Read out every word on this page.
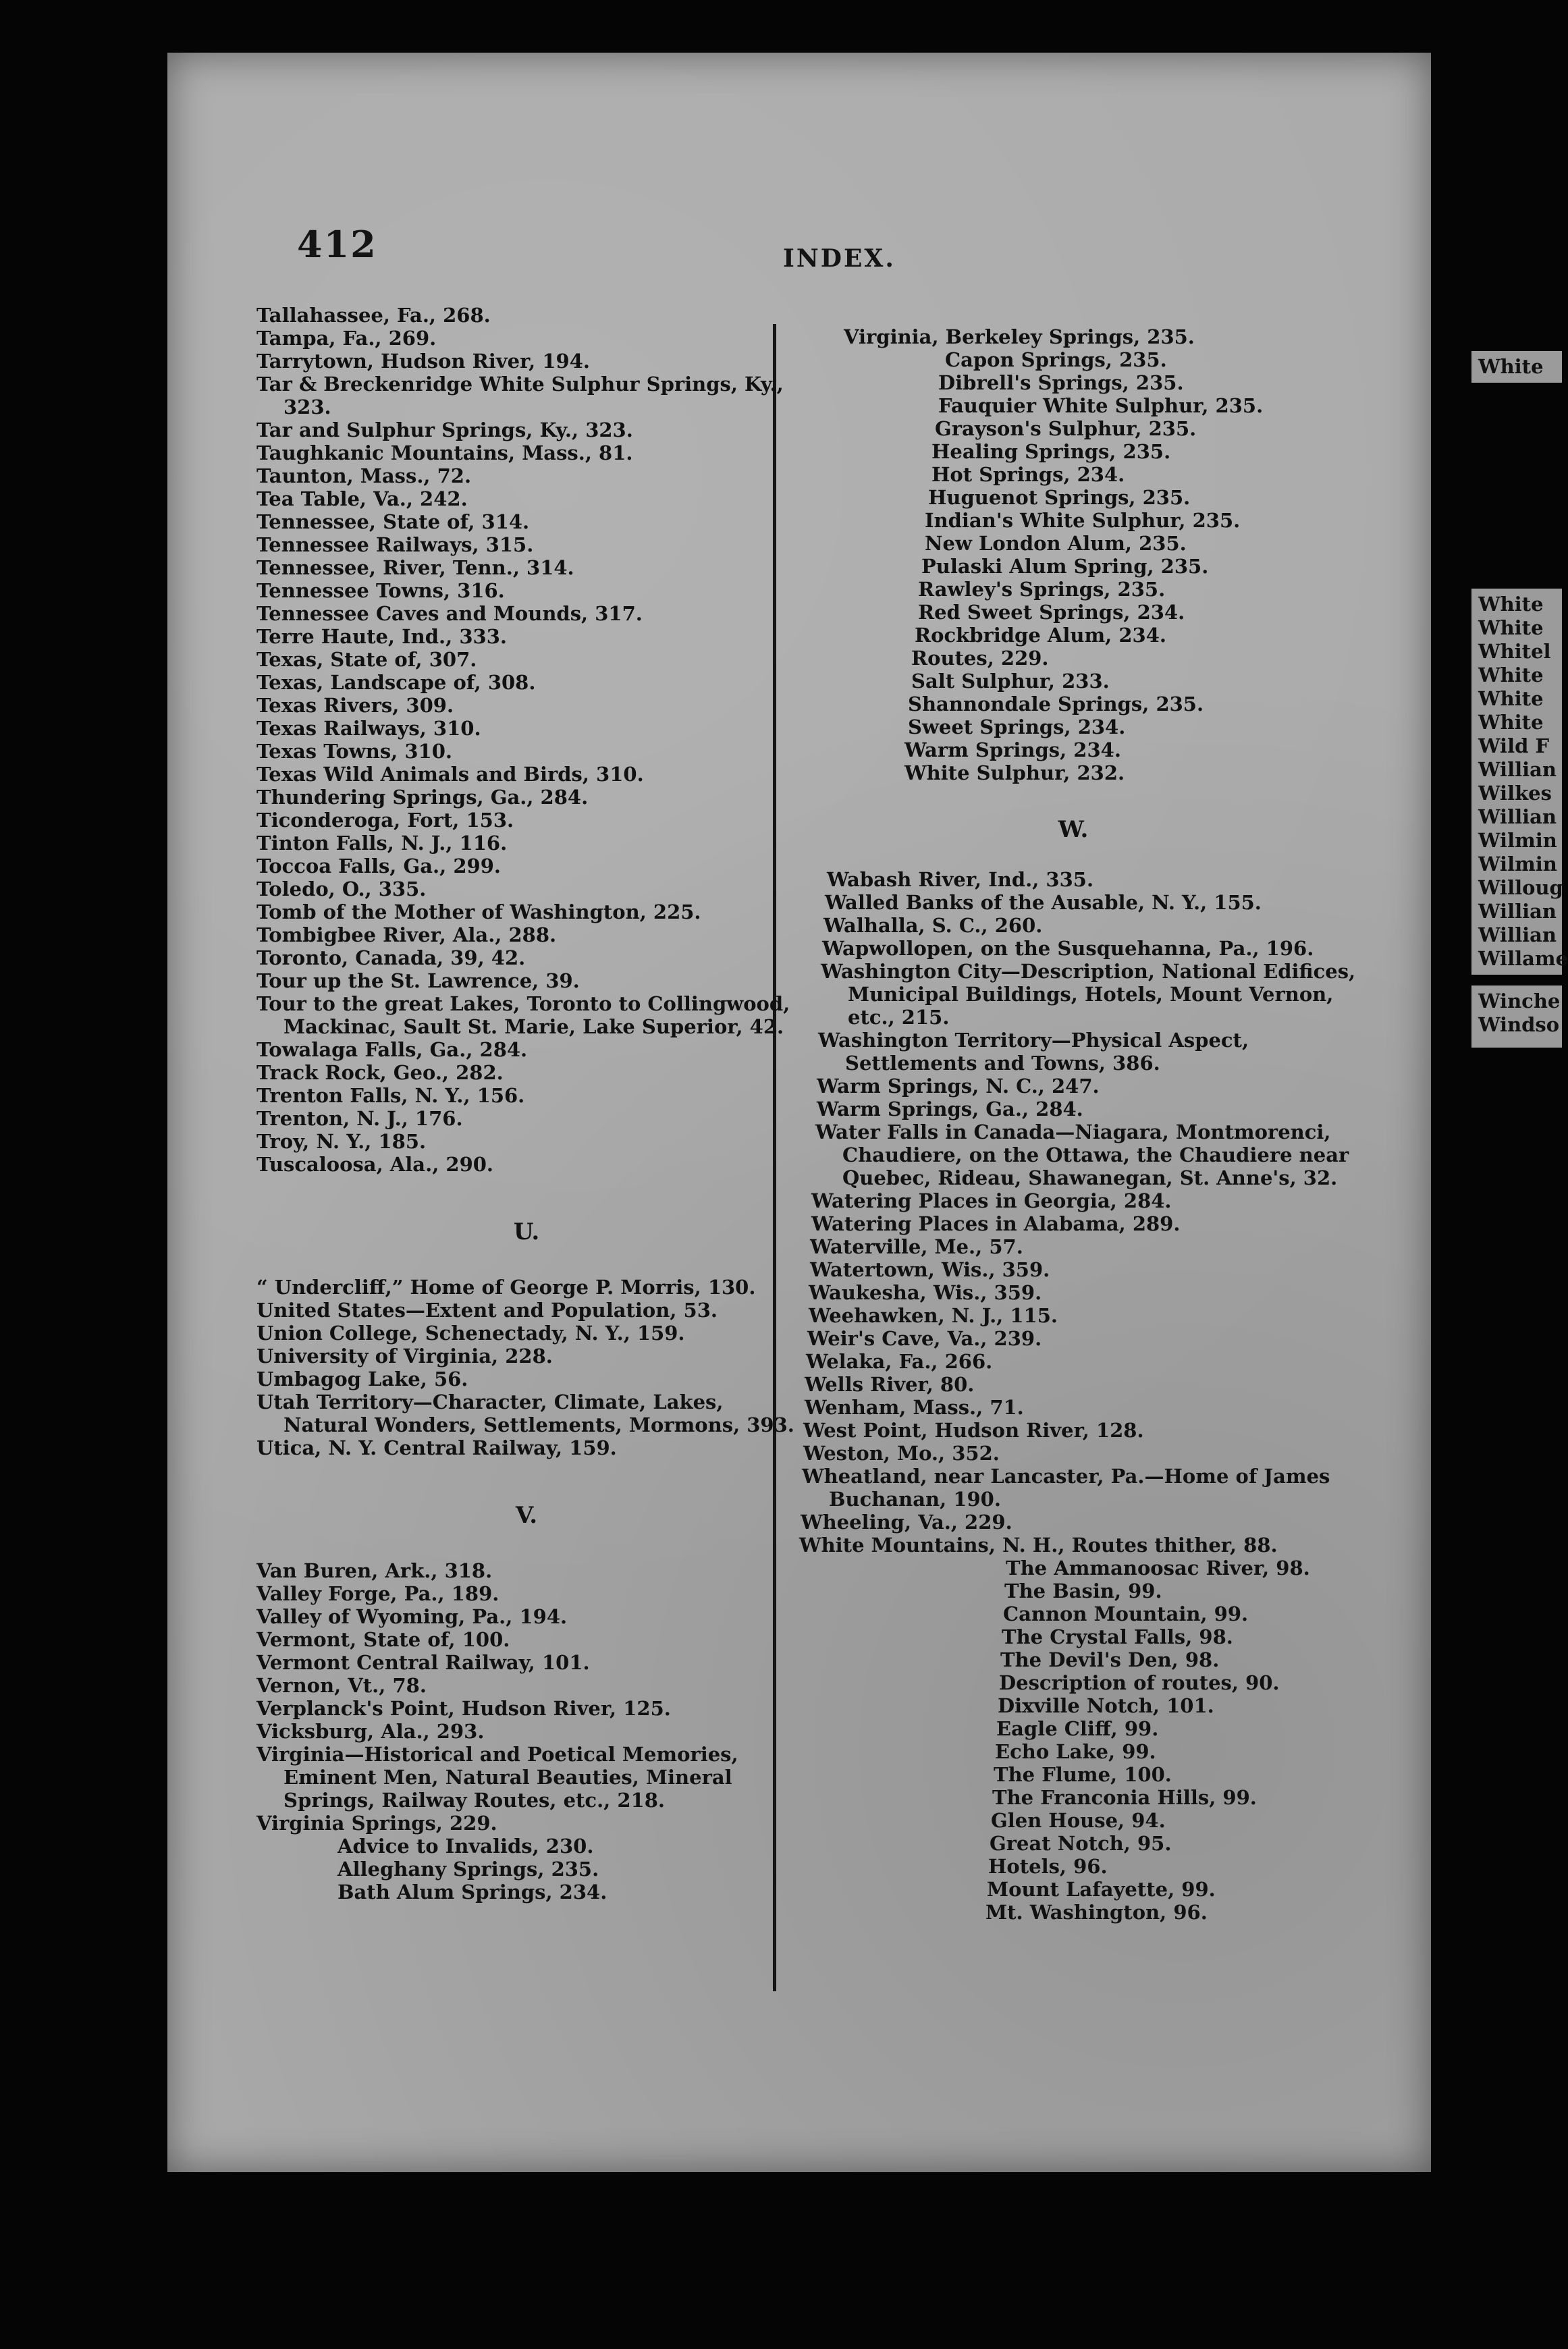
412	INDEX.
Tallahassee, Fa., 268.
Tampa, Fa., 269.
Tarrytown, Hudson River, 194.
Tar & Breckenridge White Sulphur Springs, Ky., 323.
Tar and Sulphur Springs, Ky., 323.
Taughkanic Mountains, Mass., 81.
Taunton, Mass., 72.
Tea Table, Va., 242.
Tennessee, State of, 314.
Tennessee Railways, 315.
Tennessee, River, Tenn., 314.
Tennessee Towns, 316.
Tennessee Caves and Mounds, 317.
Terre Haute, Ind., 333.
Texas, State of, 307.
Texas, Landscape of, 308.
Texas Rivers, 309.
Texas Railways, 310.
Texas Towns, 310.
Texas Wild Animals and Birds, 310.
Thundering Springs, Ga., 284.
Ticonderoga, Fort, 153.
Tinton Falls, N. J., 116.
Toccoa Falls, Ga., 299.
Toledo, O., 335.
Tomb of the Mother of Washington, 225.
Tombigbee River, Ala., 288.
Toronto, Canada, 39, 42.
Tour up the St. Lawrence, 39.
Tour to the great Lakes, Toronto to Collingwood, Mackinac, Sault St. Marie, Lake Superior, 42.
Towalaga Falls, Ga., 284.
Track Rock, Geo., 282.
Trenton Falls, N. Y., 156.
Trenton, N. J., 176.
Troy, N. Y., 185.
Tuscaloosa, Ala., 290.
U.
“ Undercliff,” Home of George P. Morris, 130.
United States—Extent and Population, 53.
Union College, Schenectady, N. Y., 159.
University of Virginia, 228.
Umbagog Lake, 56.
Utah Territory—Character, Climate, Lakes, Natural Wonders, Settlements, Mormons, 393.
Utica, N. Y. Central Railway, 159.
V.
Van Buren, Ark., 318.
Valley Forge, Pa., 189.
Valley of Wyoming, Pa., 194.
Vermont, State of, 100.
Vermont Central Railway, 101.
Vernon, Vt., 78.
Verplanck's Point, Hudson River, 125.
Vicksburg, Ala., 293.
Virginia—Historical and Poetical Memories, Eminent Men, Natural Beauties, Mineral Springs, Railway Routes, etc., 218.
Virginia Springs, 229.
Advice to Invalids, 230.
Alleghany Springs, 235.
Bath Alum Springs, 234.
Virginia, Berkeley Springs, 235.
Capon Springs, 235.
Dibrell's Springs, 235.
Fauquier White Sulphur, 235.
Grayson's Sulphur, 235.
Healing Springs, 235.
Hot Springs, 234.
Huguenot Springs, 235.
Indian's White Sulphur, 235.
New London Alum, 235.
Pulaski Alum Spring, 235.
Rawley's Springs, 235.
Red Sweet Springs, 234.
Rockbridge Alum, 234.
Routes, 229.
Salt Sulphur, 233.
Shannondale Springs, 235.
Sweet Springs, 234.
Warm Springs, 234.
White Sulphur, 232.
W.
Wabash River, Ind., 335.
Walled Banks of the Ausable, N. Y., 155.
Walhalla, S. C., 260.
Wapwollopen, on the Susquehanna, Pa., 196.
Washington City—Description, National Edifices, Municipal Buildings, Hotels, Mount Vernon, etc., 215.
Washington Territory—Physical Aspect, Settlements and Towns, 386.
Warm Springs, N. C., 247.
Warm Springs, Ga., 284.
Water Falls in Canada—Niagara, Montmorenci, Chaudiere, on the Ottawa, the Chaudiere near Quebec, Rideau, Shawanegan, St. Anne's, 32.
Watering Places in Georgia, 284.
Watering Places in Alabama, 289.
Waterville, Me., 57.
Watertown, Wis., 359.
Waukesha, Wis., 359.
Weehawken, N. J., 115.
Weir's Cave, Va., 239.
Welaka, Fa., 266.
Wells River, 80.
Wenham, Mass., 71.
West Point, Hudson River, 128.
Weston, Mo., 352.
Wheatland, near Lancaster, Pa.—Home of James Buchanan, 190.
Wheeling, Va., 229.
White Mountains, N. H., Routes thither, 88.
The Ammanoosac River, 98.
The Basin, 99.
Cannon Mountain, 99.
The Crystal Falls, 98.
The Devil's Den, 98.
Description of routes, 90.
Dixville Notch, 101.
Eagle Cliff, 99.
Echo Lake, 99.
The Flume, 100.
The Franconia Hills, 99.
Glen House, 94.
Great Notch, 95.
Hotels, 96.
Mount Lafayette, 99.
Mt. Washington, 96.
White
White
White
Whitel
White
White
White
Wild F
Willian
Wilkes
Willian
Wilmin
Wilmin
Willoug
Willian
Willian
Willame
Winche
Windso
